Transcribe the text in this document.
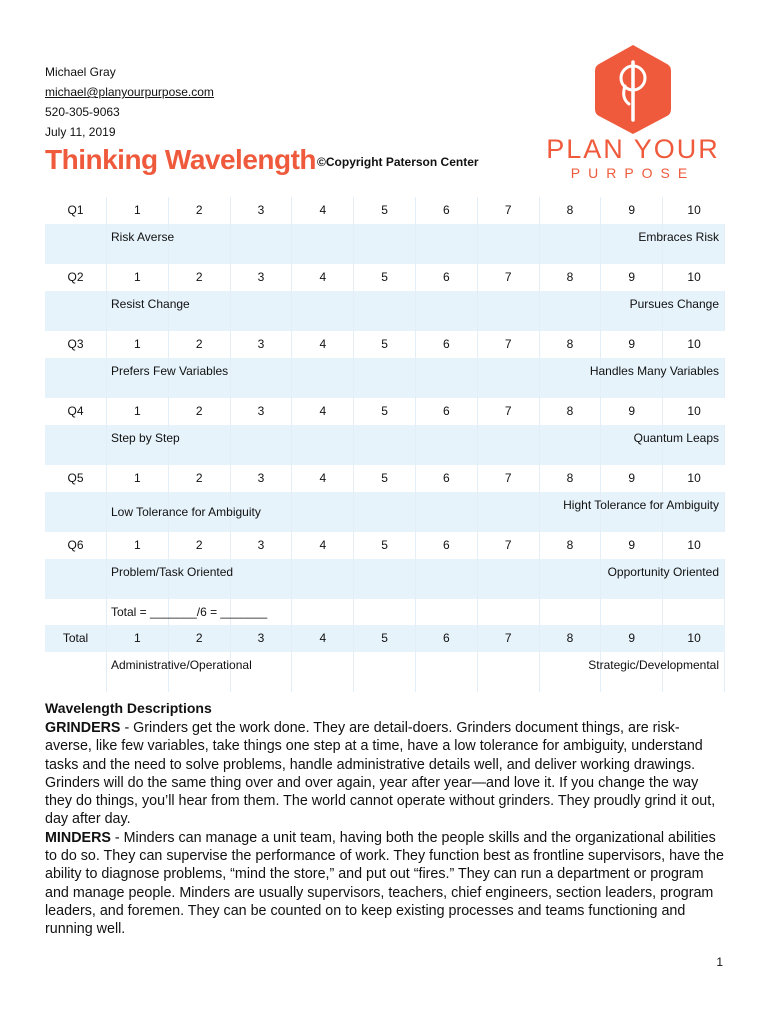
Michael Gray
michael@planyourpurpose.com
520-305-9063
July 11, 2019
Thinking Wavelength ©Copyright Paterson Center	PLAN YOUR
PURPOSE
Q1	1	2	3	4	5	6	7	8	9	10
Risk Averse	Embraces Risk
Q2	1	2	3	4	5	6	7	8	9	10
Resist Change	Pursues Change
Q3	1	2	3	4	5	6	7	8	9	10
Prefers Few Variables	Handles Many Variables
Q4	1	2	3	4	5	6	7	8	9	10
Step by Step	Quantum Leaps
Q5	1	2	3	4	5	6	7	8	9	10
Low Tolerance for Ambiguity	Hight Tolerance for Ambiguity
Q6	1	2	3	4	5	6	7	8	9	10
Problem/Task Oriented	Opportunity Oriented
Total = _______/6 = _______
Total	1	2	3	4	5	6	7	8	9	10
Administrative/Operational	Strategic/Developmental
Wavelength Descriptions
GRINDERS - Grinders get the work done. They are detail-doers. Grinders document things, are risk-averse, like few variables, take things one step at a time, have a low tolerance for ambiguity, understand tasks and the need to solve problems, handle administrative details well, and deliver working drawings. Grinders will do the same thing over and over again, year after year—and love it. If you change the way they do things, you’ll hear from them. The world cannot operate without grinders. They proudly grind it out, day after day.
MINDERS - Minders can manage a unit team, having both the people skills and the organizational abilities to do so. They can supervise the performance of work. They function best as frontline supervisors, have the ability to diagnose problems, “mind the store,” and put out “fires.” They can run a department or program and manage people. Minders are usually supervisors, teachers, chief engineers, section leaders, program leaders, and foremen. They can be counted on to keep existing processes and teams functioning and running well.
1
